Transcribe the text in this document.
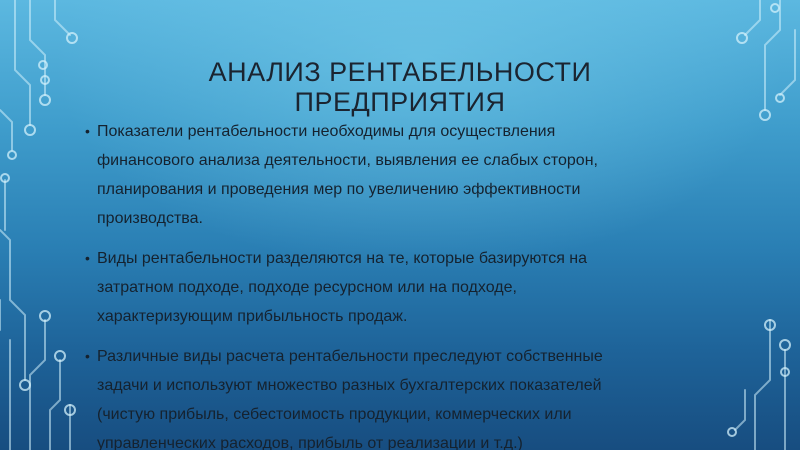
АНАЛИЗ РЕНТАБЕЛЬНОСТИ
ПРЕДПРИЯТИЯ
• Показатели рентабельности необходимы для осуществления
финансового анализа деятельности, выявления ее слабых сторон,
планирования и проведения мер по увеличению эффективности
производства.
• Виды рентабельности разделяются на те, которые базируются на
затратном подходе, подходе ресурсном или на подходе,
характеризующим прибыльность продаж.
• Различные виды расчета рентабельности преследуют собственные
задачи и используют множество разных бухгалтерских показателей
(чистую прибыль, себестоимость продукции, коммерческих или
управленческих расходов, прибыль от реализации и т.д.)
